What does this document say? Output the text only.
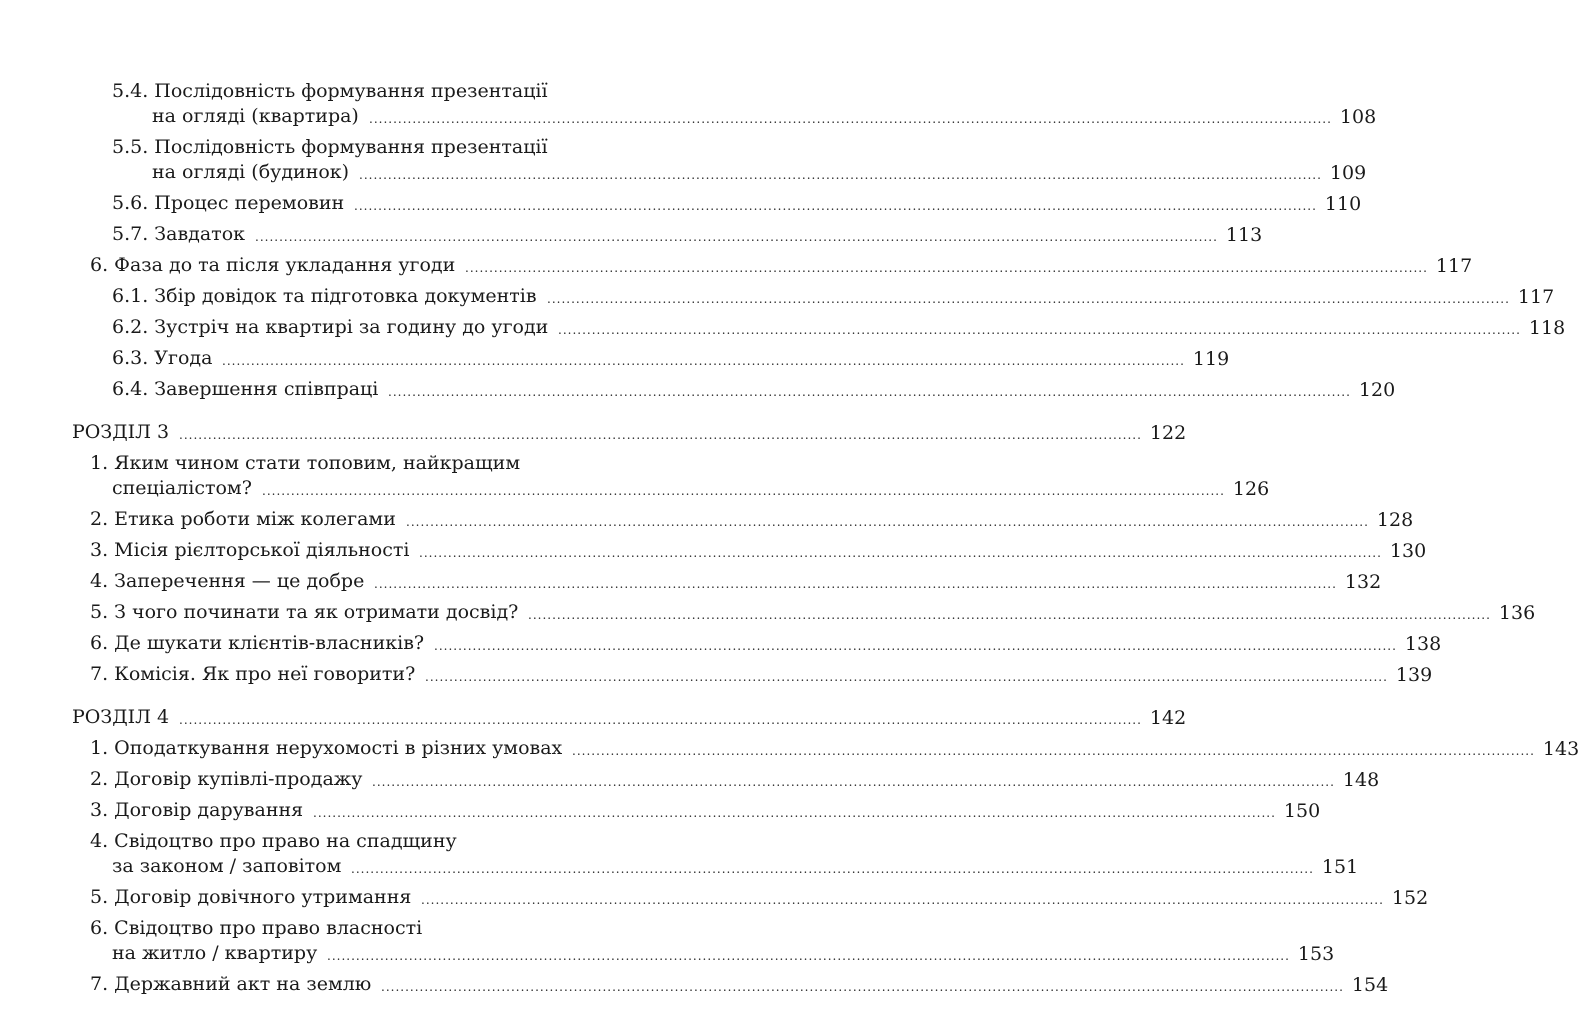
5.4. Послідовність формування презентації
на огляді (квартира) ........................................................................................................................................................................................................ 108
5.5. Послідовність формування презентації
на огляді (будинок) ........................................................................................................................................................................................................ 109
5.6. Процес перемовин ........................................................................................................................................................................................................ 110
5.7. Завдаток ........................................................................................................................................................................................................ 113
6. Фаза до та після укладання угоди ........................................................................................................................................................................................................ 117
6.1. Збір довідок та підготовка документів ........................................................................................................................................................................................................ 117
6.2. Зустріч на квартирі за годину до угоди ........................................................................................................................................................................................................ 118
6.3. Угода ........................................................................................................................................................................................................ 119
6.4. Завершення співпраці ........................................................................................................................................................................................................ 120
РОЗДІЛ 3 ........................................................................................................................................................................................................ 122
1. Яким чином стати топовим, найкращим
спеціалістом? ........................................................................................................................................................................................................ 126
2. Етика роботи між колегами ........................................................................................................................................................................................................ 128
3. Місія рієлторської діяльності ........................................................................................................................................................................................................ 130
4. Заперечення — це добре ........................................................................................................................................................................................................ 132
5. З чого починати та як отримати досвід? ........................................................................................................................................................................................................ 136
6. Де шукати клієнтів-власників? ........................................................................................................................................................................................................ 138
7. Комісія. Як про неї говорити? ........................................................................................................................................................................................................ 139
РОЗДІЛ 4 ........................................................................................................................................................................................................ 142
1. Оподаткування нерухомості в різних умовах ........................................................................................................................................................................................................ 143
2. Договір купівлі-продажу ........................................................................................................................................................................................................ 148
3. Договір дарування ........................................................................................................................................................................................................ 150
4. Свідоцтво про право на спадщину
за законом / заповітом ........................................................................................................................................................................................................ 151
5. Договір довічного утримання ........................................................................................................................................................................................................ 152
6. Свідоцтво про право власності
на житло / квартиру ........................................................................................................................................................................................................ 153
7. Державний акт на землю ........................................................................................................................................................................................................ 154
